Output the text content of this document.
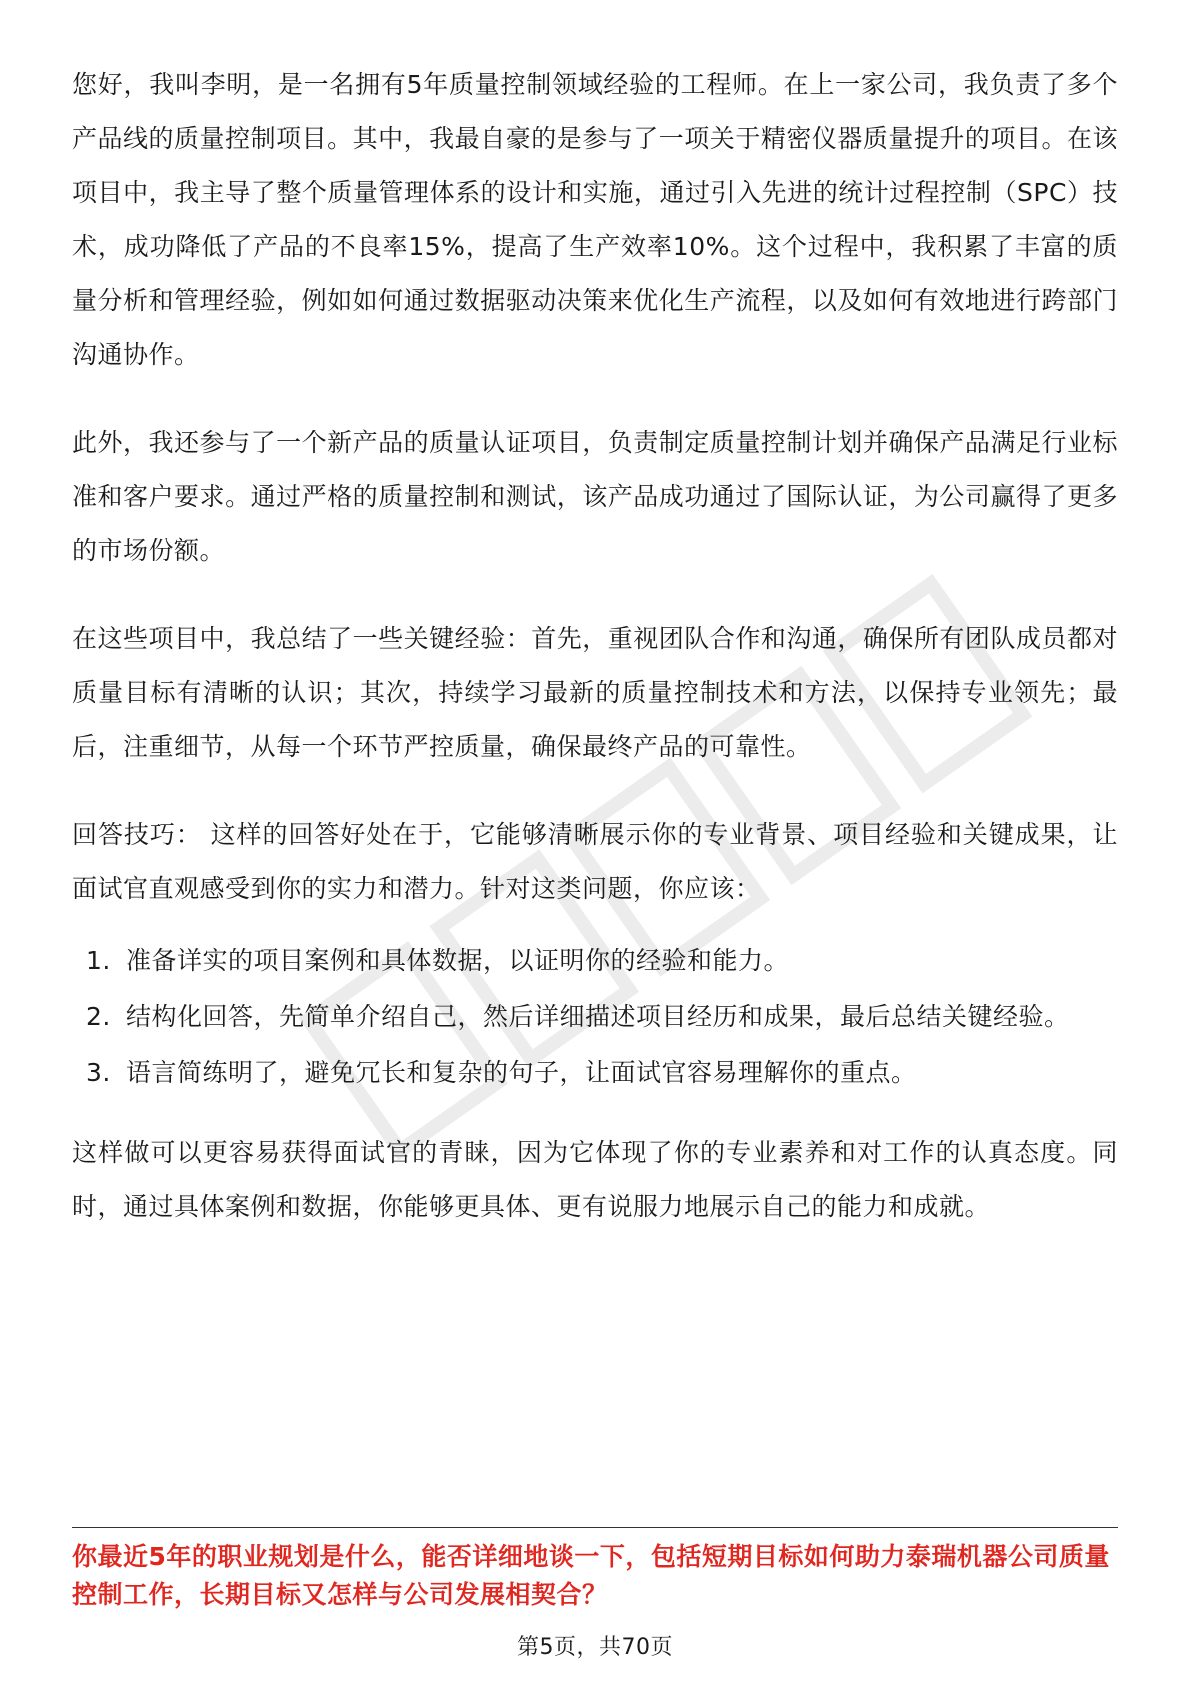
您好，我叫李明，是一名拥有5年质量控制领域经验的工程师。在上一家公司，我负责了多个产品线的质量控制项目。其中，我最自豪的是参与了一项关于精密仪器质量提升的项目。在该项目中，我主导了整个质量管理体系的设计和实施，通过引入先进的统计过程控制（SPC）技术，成功降低了产品的不良率15%，提高了生产效率10%。这个过程中，我积累了丰富的质量分析和管理经验，例如如何通过数据驱动决策来优化生产流程，以及如何有效地进行跨部门沟通协作。

此外，我还参与了一个新产品的质量认证项目，负责制定质量控制计划并确保产品满足行业标准和客户要求。通过严格的质量控制和测试，该产品成功通过了国际认证，为公司赢得了更多的市场份额。

在这些项目中，我总结了一些关键经验：首先，重视团队合作和沟通，确保所有团队成员都对质量目标有清晰的认识；其次，持续学习最新的质量控制技术和方法，以保持专业领先；最后，注重细节，从每一个环节严控质量，确保最终产品的可靠性。

回答技巧： 这样的回答好处在于，它能够清晰展示你的专业背景、项目经验和关键成果，让面试官直观感受到你的实力和潜力。针对这类问题，你应该：

1. 准备详实的项目案例和具体数据，以证明你的经验和能力。
2. 结构化回答，先简单介绍自己，然后详细描述项目经历和成果，最后总结关键经验。
3. 语言简练明了，避免冗长和复杂的句子，让面试官容易理解你的重点。

这样做可以更容易获得面试官的青睐，因为它体现了你的专业素养和对工作的认真态度。同时，通过具体案例和数据，你能够更具体、更有说服力地展示自己的能力和成就。

你最近5年的职业规划是什么，能否详细地谈一下，包括短期目标如何助力泰瑞机器公司质量控制工作，长期目标又怎样与公司发展相契合？
第5页，共70页
